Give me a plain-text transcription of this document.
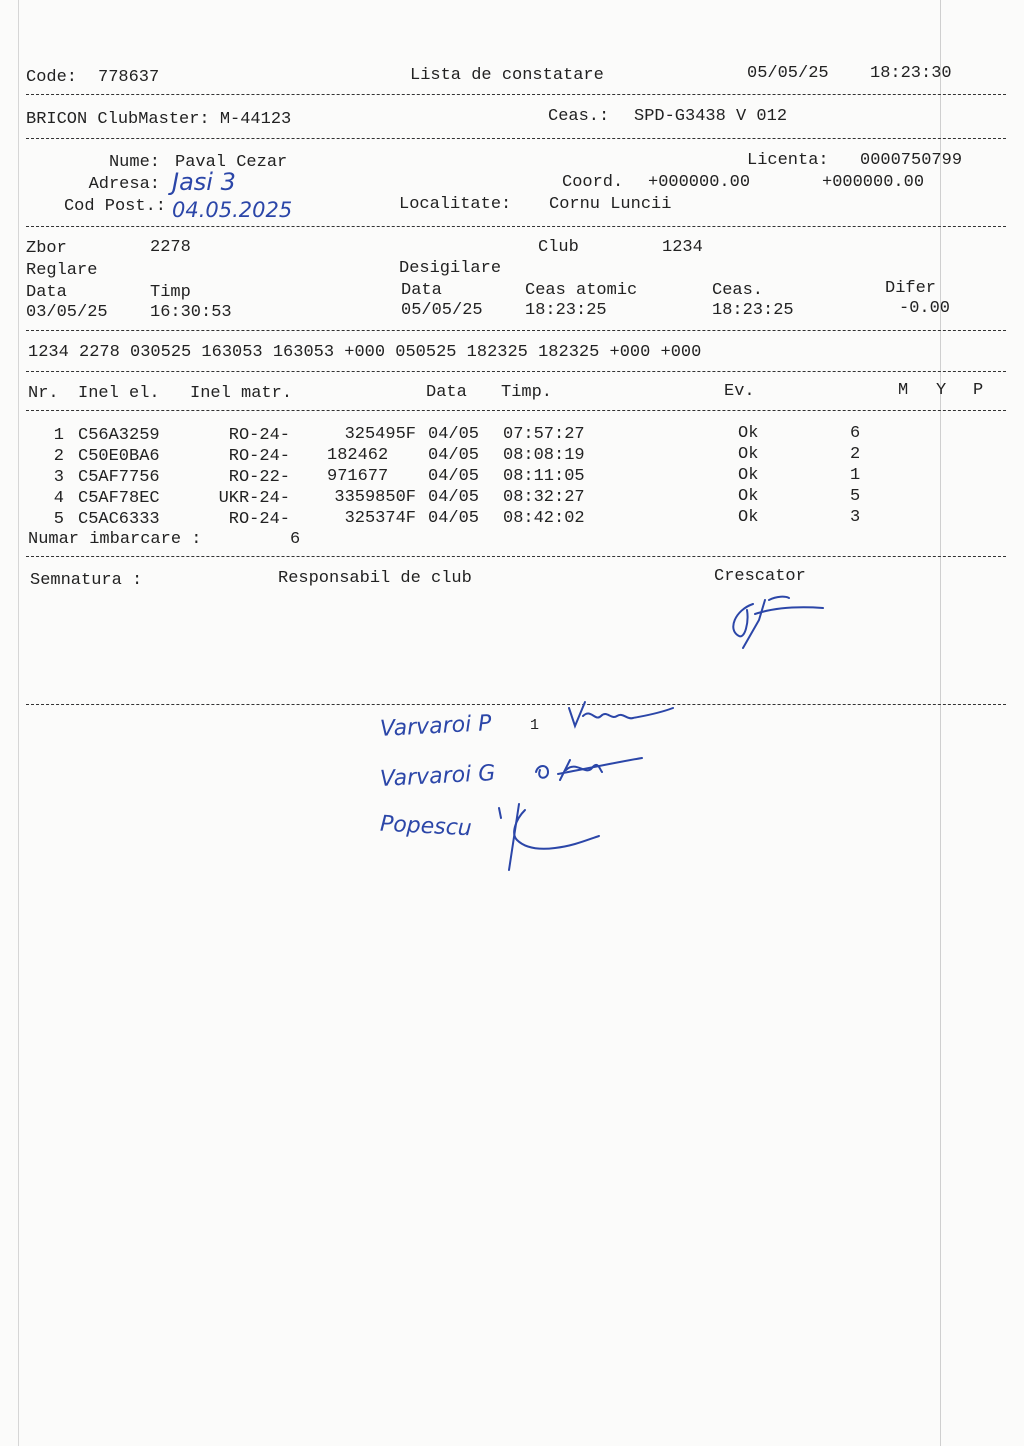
Code: 778637	Lista de constatare	05/05/25 18:23:30
BRICON ClubMaster: M-44123	Ceas.: SPD-G3438 V 012
Nume: Paval Cezar	Licenta: 0000750799
Adresa: Jasi 3	Coord. +000000.00	+000000.00
Cod Post.: 04.05.2025	Localitate: Cornu Luncii
Zbor	2278	Club	1234
Reglare	Desigilare
Data	Timp	Data	Ceas atomic	Ceas.	Difer
03/05/25 16:30:53	05/05/25 18:23:25	18:23:25	-0.00
1234 2278 030525 163053 163053 +000 050525 182325 182325 +000 +000
Nr. Inel el. Inel matr.	Data Timp.	Ev.	M Y P
1 C56A3259	RO-24-	325495F 04/05 07:57:27	Ok	6
2 C50E0BA6	RO-24- 182462 04/05 08:08:19	Ok	2
3 C5AF7756	RO-22- 971677 04/05 08:11:05	Ok	1
4 C5AF78EC	UKR-24-	3359850F 04/05 08:32:27	Ok	5
5 C5AC6333	RO-24-	325374F 04/05 08:42:02	Ok	3
Numar imbarcare :	6
Semnatura :	Responsabil de club	Crescator
Varvaroi P	1
Varvaroi G
Popescu
